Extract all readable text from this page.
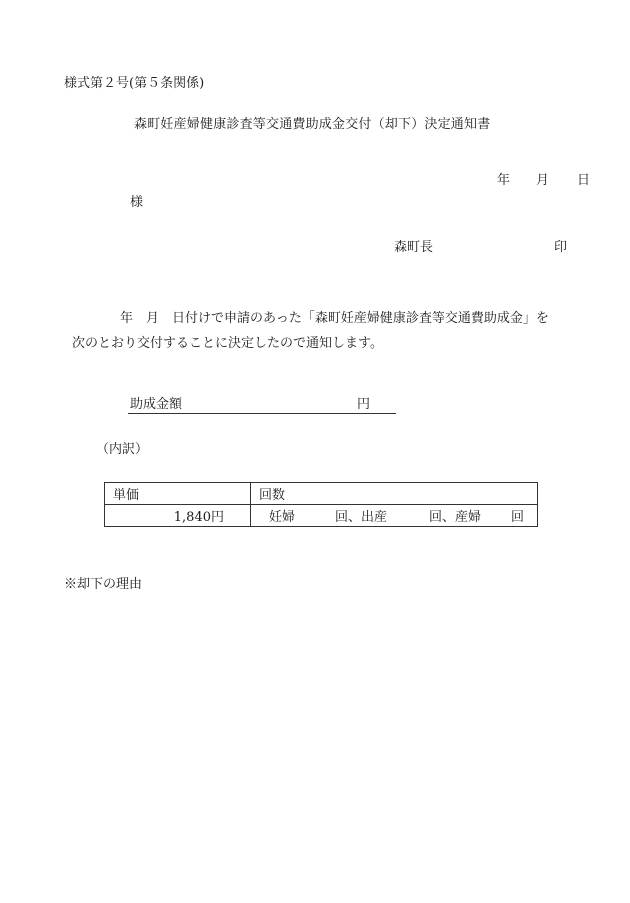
様式第２号(第５条関係)
森町妊産婦健康診査等交通費助成金交付（却下）決定通知書
年 月 日
様
森町長	印
年　月　日付けで申請のあった「森町妊産婦健康診査等交通費助成金」を
次のとおり交付することに決定したので通知します。
助成金額	円
（内訳）
単価	回数
1,840円	妊婦 回、出産 回、産婦 回
※却下の理由
